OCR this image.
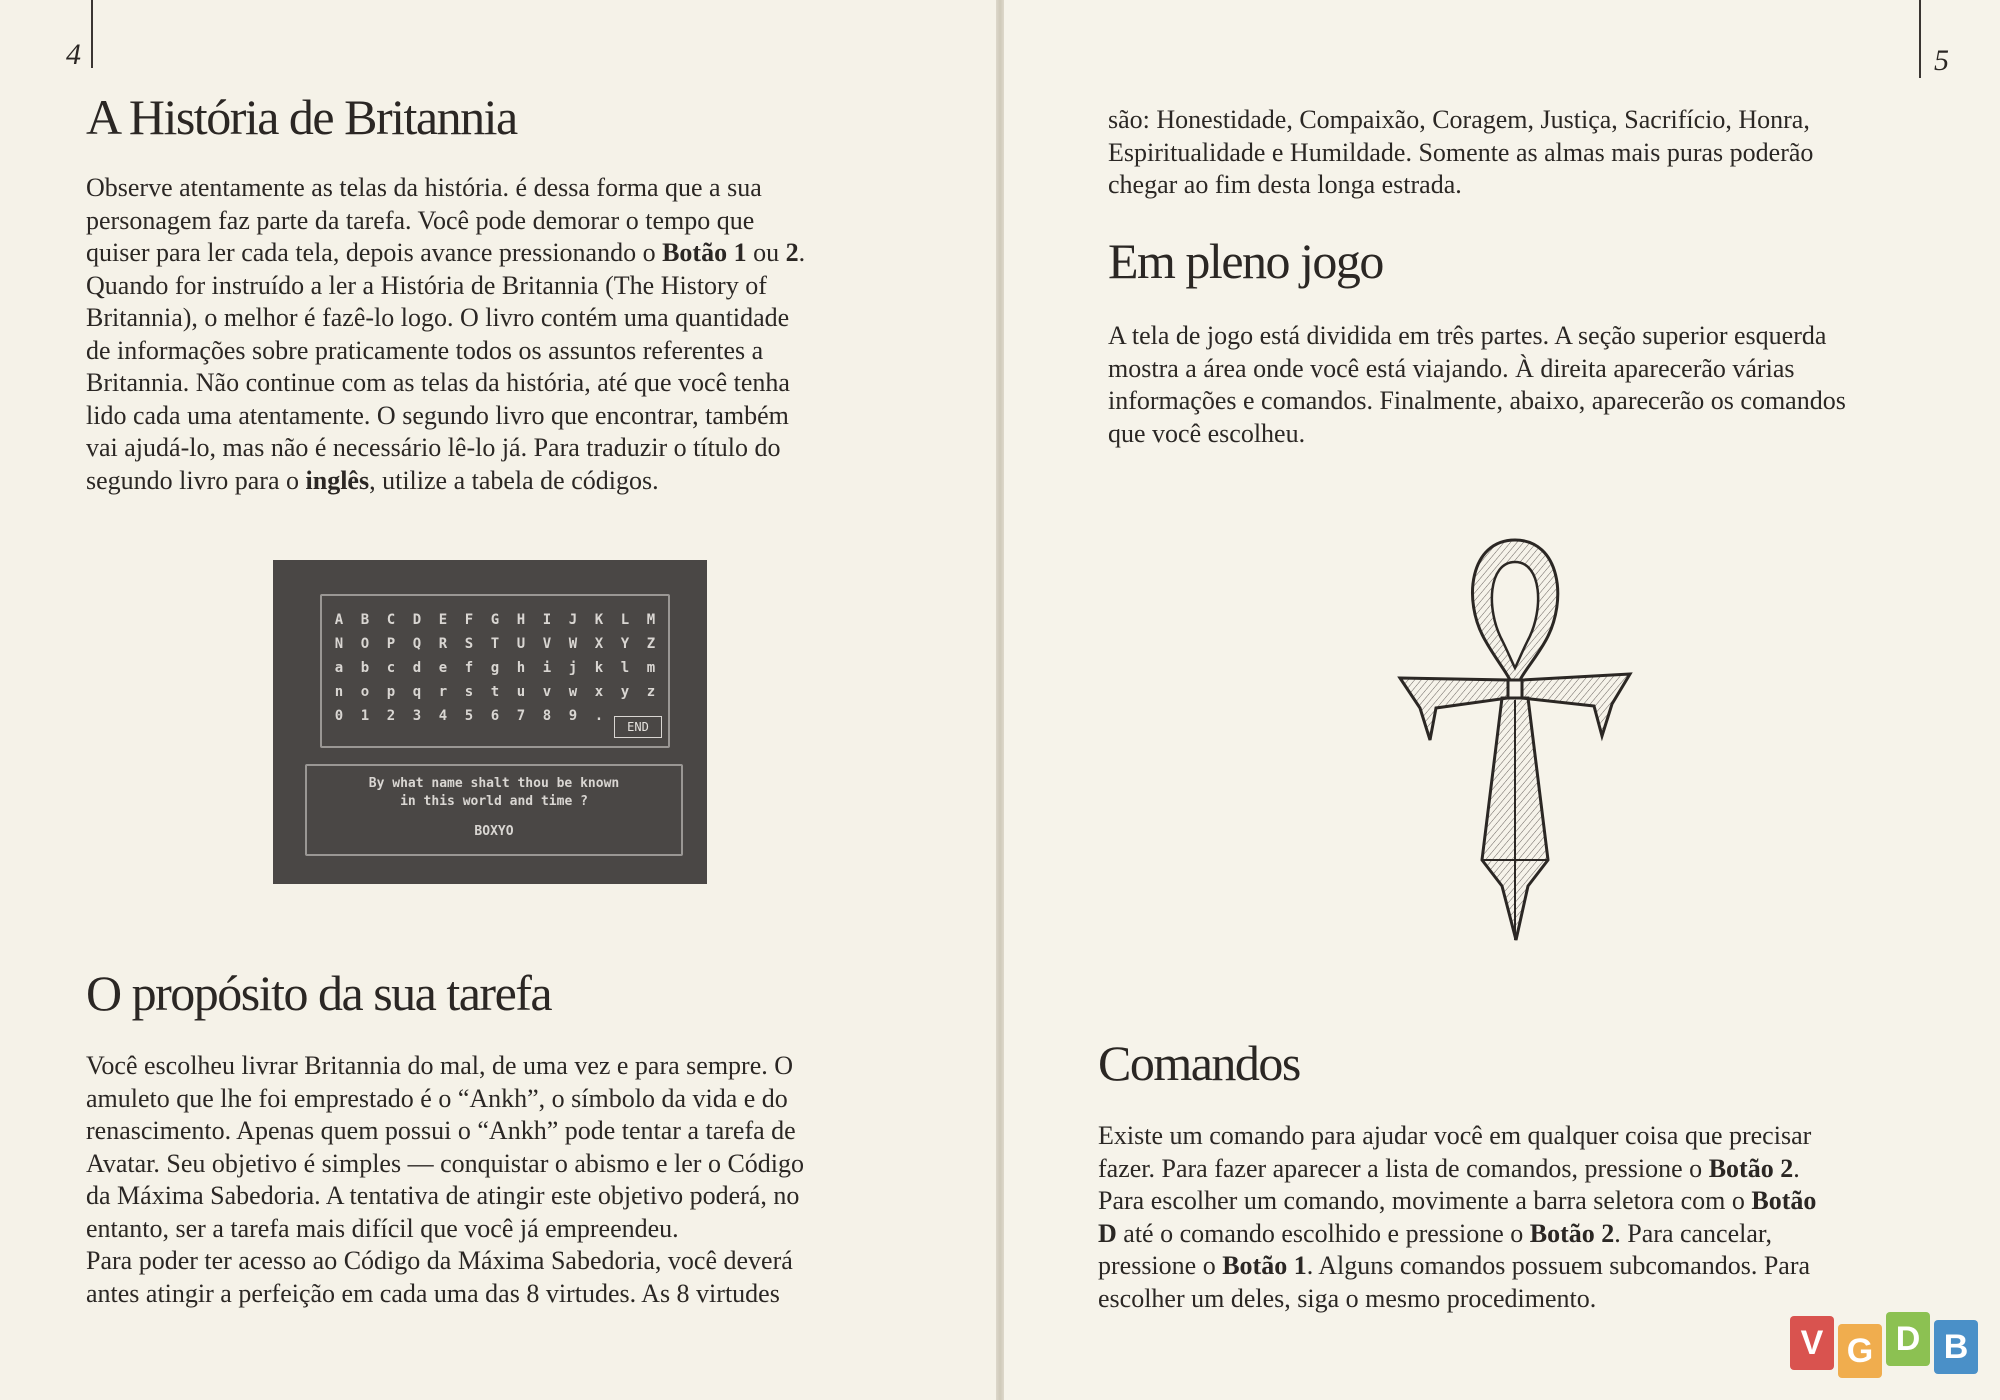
4	5
A História de Britannia
Observe atentamente as telas da história. é dessa forma que a sua
personagem faz parte da tarefa. Você pode demorar o tempo que
quiser para ler cada tela, depois avance pressionando o Botão 1 ou 2.
Quando for instruído a ler a História de Britannia (The History of
Britannia), o melhor é fazê-lo logo. O livro contém uma quantidade
de informações sobre praticamente todos os assuntos referentes a
Britannia. Não continue com as telas da história, até que você tenha
lido cada uma atentamente. O segundo livro que encontrar, também
vai ajudá-lo, mas não é necessário lê-lo já. Para traduzir o título do
segundo livro para o inglês, utilize a tabela de códigos.
A	B	C	D	E	F	G	H	I	J	K	L	M
N	O	P	Q	R	S	T	U	V	W	X	Y	Z
a	b	c	d	e	f	g	h	i	j	k	l	m
n	o	p	q	r	s	t	u	v	w	x	y	z
0	1	2	3	4	5	6	7	8	9	.
END
By what name shalt thou be known
in this world and time ?
BOXYO
O propósito da sua tarefa
Você escolheu livrar Britannia do mal, de uma vez e para sempre. O
amuleto que lhe foi emprestado é o “Ankh”, o símbolo da vida e do
renascimento. Apenas quem possui o “Ankh” pode tentar a tarefa de
Avatar. Seu objetivo é simples — conquistar o abismo e ler o Código
da Máxima Sabedoria. A tentativa de atingir este objetivo poderá, no
entanto, ser a tarefa mais difícil que você já empreendeu.
Para poder ter acesso ao Código da Máxima Sabedoria, você deverá
antes atingir a perfeição em cada uma das 8 virtudes. As 8 virtudes
são: Honestidade, Compaixão, Coragem, Justiça, Sacrifício, Honra,
Espiritualidade e Humildade. Somente as almas mais puras poderão
chegar ao fim desta longa estrada.
Em pleno jogo
A tela de jogo está dividida em três partes. A seção superior esquerda
mostra a área onde você está viajando. À direita aparecerão várias
informações e comandos. Finalmente, abaixo, aparecerão os comandos
que você escolheu.
Comandos
Existe um comando para ajudar você em qualquer coisa que precisar
fazer. Para fazer aparecer a lista de comandos, pressione o Botão 2.
Para escolher um comando, movimente a barra seletora com o Botão
D até o comando escolhido e pressione o Botão 2. Para cancelar,
pressione o Botão 1. Alguns comandos possuem subcomandos. Para
escolher um deles, siga o mesmo procedimento.
V G D B
